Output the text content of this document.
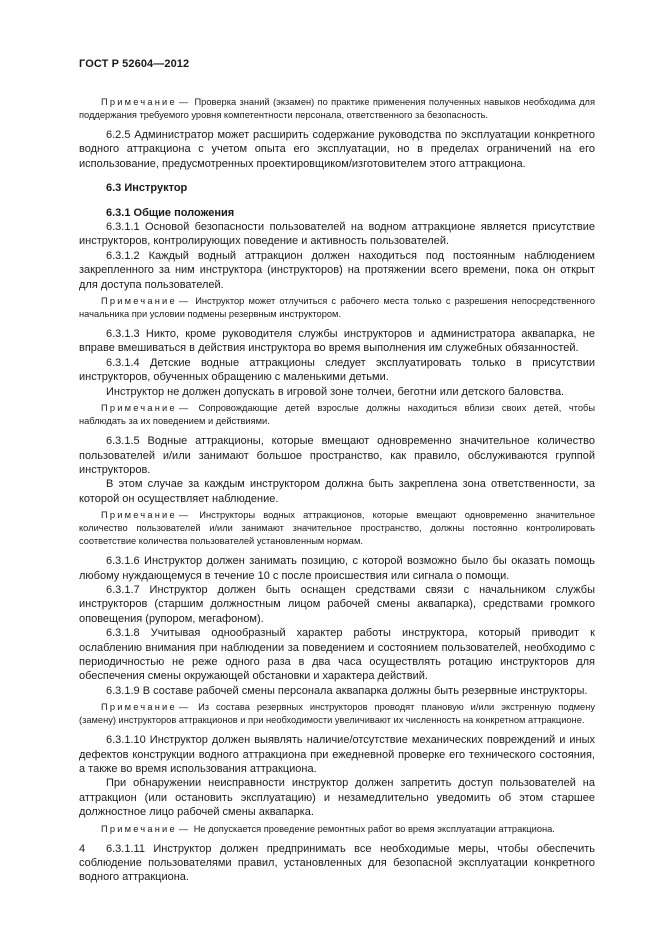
ГОСТ Р 52604—2012

Примечание — Проверка знаний (экзамен) по практике применения полученных навыков необходима для поддержания требуемого уровня компетентности персонала, ответственного за безопасность.

6.2.5 Администратор может расширить содержание руководства по эксплуатации конкретного водного аттракциона с учетом опыта его эксплуатации, но в пределах ограничений на его использование, предусмотренных проектировщиком/изготовителем этого аттракциона.

6.3 Инструктор

6.3.1 Общие положения

6.3.1.1 Основой безопасности пользователей на водном аттракционе является присутствие инструкторов, контролирующих поведение и активность пользователей.

6.3.1.2 Каждый водный аттракцион должен находиться под постоянным наблюдением закрепленного за ним инструктора (инструкторов) на протяжении всего времени, пока он открыт для доступа пользователей.

Примечание — Инструктор может отлучиться с рабочего места только с разрешения непосредственного начальника при условии подмены резервным инструктором.

6.3.1.3 Никто, кроме руководителя службы инструкторов и администратора аквапарка, не вправе вмешиваться в действия инструктора во время выполнения им служебных обязанностей.

6.3.1.4 Детские водные аттракционы следует эксплуатировать только в присутствии инструкторов, обученных обращению с маленькими детьми.

Инструктор не должен допускать в игровой зоне толчеи, беготни или детского баловства.

Примечание — Сопровождающие детей взрослые должны находиться вблизи своих детей, чтобы наблюдать за их поведением и действиями.

6.3.1.5 Водные аттракционы, которые вмещают одновременно значительное количество пользователей и/или занимают большое пространство, как правило, обслуживаются группой инструкторов.

В этом случае за каждым инструктором должна быть закреплена зона ответственности, за которой он осуществляет наблюдение.

Примечание — Инструкторы водных аттракционов, которые вмещают одновременно значительное количество пользователей и/или занимают значительное пространство, должны постоянно контролировать соответствие количества пользователей установленным нормам.

6.3.1.6 Инструктор должен занимать позицию, с которой возможно было бы оказать помощь любому нуждающемуся в течение 10 с после происшествия или сигнала о помощи.

6.3.1.7 Инструктор должен быть оснащен средствами связи с начальником службы инструкторов (старшим должностным лицом рабочей смены аквапарка), средствами громкого оповещения (рупором, мегафоном).

6.3.1.8 Учитывая однообразный характер работы инструктора, который приводит к ослаблению внимания при наблюдении за поведением и состоянием пользователей, необходимо с периодичностью не реже одного раза в два часа осуществлять ротацию инструкторов для обеспечения смены окружающей обстановки и характера действий.

6.3.1.9 В составе рабочей смены персонала аквапарка должны быть резервные инструкторы.

Примечание — Из состава резервных инструкторов проводят плановую и/или экстренную подмену (замену) инструкторов аттракционов и при необходимости увеличивают их численность на конкретном аттракционе.

6.3.1.10 Инструктор должен выявлять наличие/отсутствие механических повреждений и иных дефектов конструкции водного аттракциона при ежедневной проверке его технического состояния, а также во время использования аттракциона.

При обнаружении неисправности инструктор должен запретить доступ пользователей на аттракцион (или остановить эксплуатацию) и незамедлительно уведомить об этом старшее должностное лицо рабочей смены аквапарка.

Примечание — Не допускается проведение ремонтных работ во время эксплуатации аттракциона.

6.3.1.11 Инструктор должен предпринимать все необходимые меры, чтобы обеспечить соблюдение пользователями правил, установленных для безопасной эксплуатации конкретного водного аттракциона.

4
